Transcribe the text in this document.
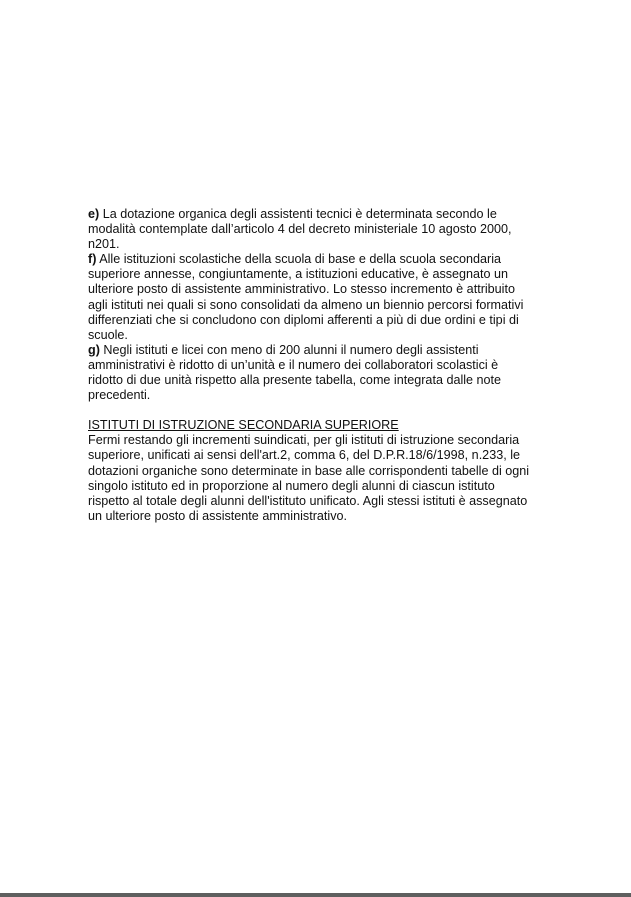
e) La dotazione organica degli assistenti tecnici è determinata secondo le
modalità contemplate dall’articolo 4 del decreto ministeriale 10 agosto 2000,
n201.

f) Alle istituzioni scolastiche della scuola di base e della scuola secondaria
superiore annesse, congiuntamente, a istituzioni educative, è assegnato un
ulteriore posto di assistente amministrativo. Lo stesso incremento è attribuito
agli istituti nei quali si sono consolidati da almeno un biennio percorsi formativi
differenziati che si concludono con diplomi afferenti a più di due ordini e tipi di
scuole.

g) Negli istituti e licei con meno di 200 alunni il numero degli assistenti
amministrativi è ridotto di un’unità e il numero dei collaboratori scolastici è
ridotto di due unità rispetto alla presente tabella, come integrata dalle note
precedenti.

ISTITUTI DI ISTRUZIONE SECONDARIA SUPERIORE

Fermi restando gli incrementi suindicati, per gli istituti di istruzione secondaria
superiore, unificati ai sensi dell'art.2, comma 6, del D.P.R.18/6/1998, n.233, le
dotazioni organiche sono determinate in base alle corrispondenti tabelle di ogni
singolo istituto ed in proporzione al numero degli alunni di ciascun istituto
rispetto al totale degli alunni dell'istituto unificato. Agli stessi istituti è assegnato
un ulteriore posto di assistente amministrativo.
